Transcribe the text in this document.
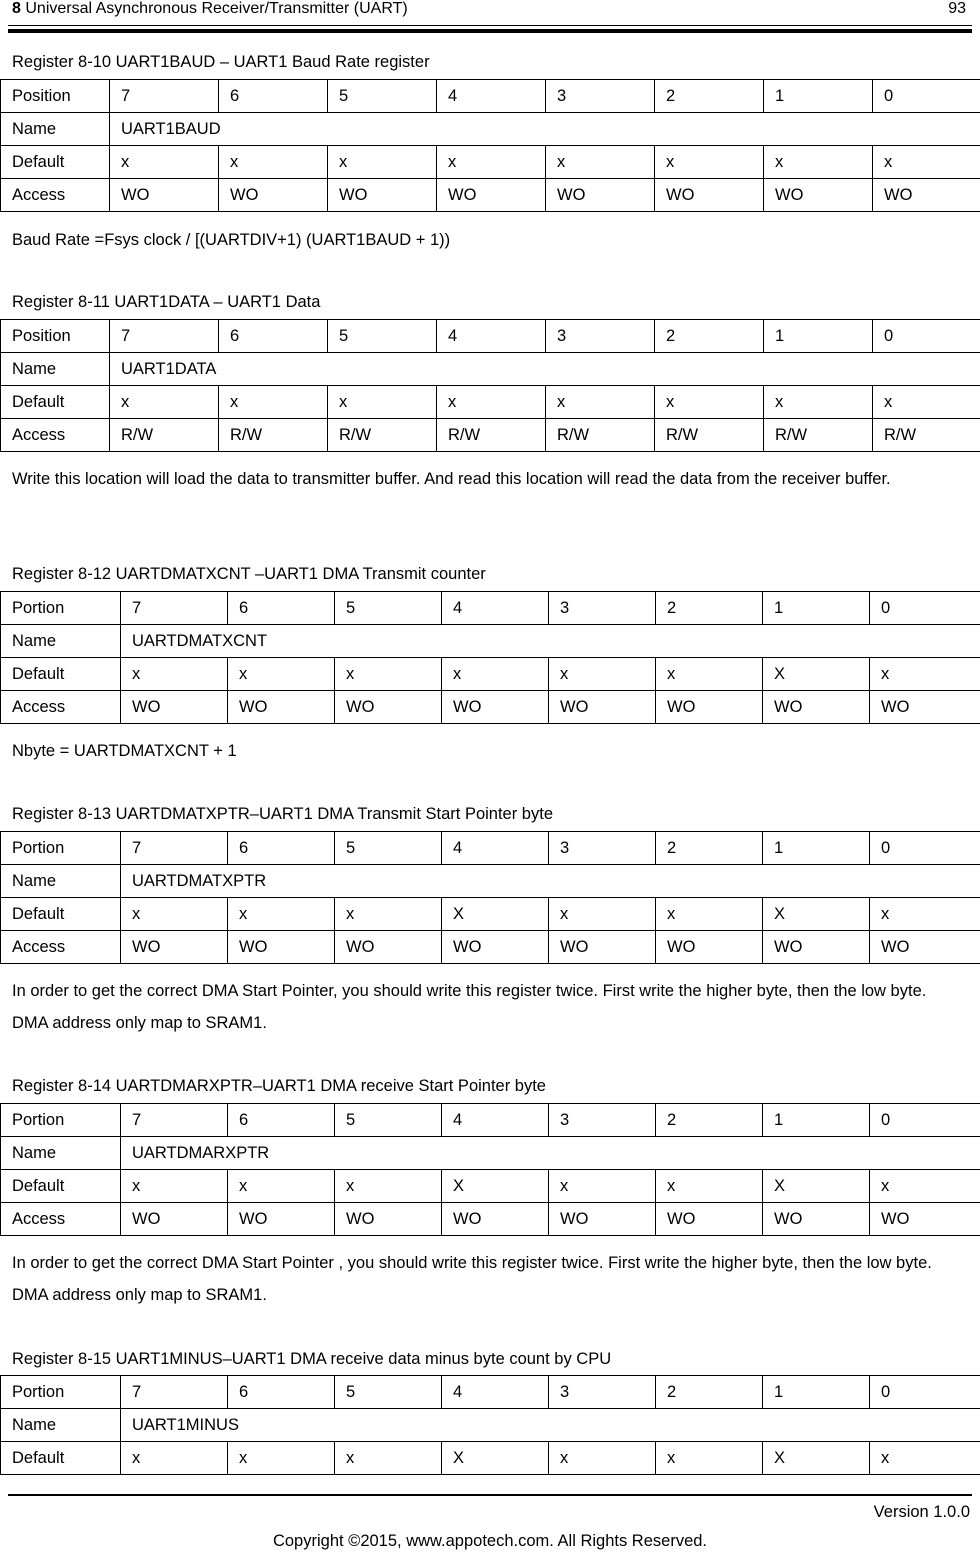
8 Universal Asynchronous Receiver/Transmitter (UART)	93
Register 8-10 UART1BAUD – UART1 Baud Rate register
Position	7	6	5	4	3	2	1	0
Name	UART1BAUD							
Default	x	x	x	x	x	x	x	x
Access	WO	WO	WO	WO	WO	WO	WO	WO
Baud Rate =Fsys clock / [(UARTDIV+1) (UART1BAUD + 1))
Register 8-11 UART1DATA – UART1 Data
Position	7	6	5	4	3	2	1	0
Name	UART1DATA							
Default	x	x	x	x	x	x	x	x
Access	R/W	R/W	R/W	R/W	R/W	R/W	R/W	R/W
Write this location will load the data to transmitter buffer. And read this location will read the data from the receiver buffer.
Register 8-12 UARTDMATXCNT –UART1 DMA Transmit counter
Portion	7	6	5	4	3	2	1	0
Name	UARTDMATXCNT							
Default	x	x	x	x	x	x	X	x
Access	WO	WO	WO	WO	WO	WO	WO	WO
Nbyte = UARTDMATXCNT + 1
Register 8-13 UARTDMATXPTR–UART1 DMA Transmit Start Pointer byte
Portion	7	6	5	4	3	2	1	0
Name	UARTDMATXPTR							
Default	x	x	x	X	x	x	X	x
Access	WO	WO	WO	WO	WO	WO	WO	WO
In order to get the correct DMA Start Pointer, you should write this register twice. First write the higher byte, then the low byte.    DMA address only map to SRAM1.
Register 8-14 UARTDMARXPTR–UART1 DMA receive Start Pointer byte
Portion	7	6	5	4	3	2	1	0
Name	UARTDMARXPTR							
Default	x	x	x	X	x	x	X	x
Access	WO	WO	WO	WO	WO	WO	WO	WO
In order to get the correct DMA Start Pointer , you should write this register twice. First write the higher byte, then the low byte.    DMA address only map to SRAM1.
Register 8-15 UART1MINUS–UART1 DMA receive data minus byte count by CPU
Portion	7	6	5	4	3	2	1	0
Name	UART1MINUS							
Default	x	x	x	X	x	x	X	x
Version 1.0.0
Copyright ©2015, www.appotech.com. All Rights Reserved.
